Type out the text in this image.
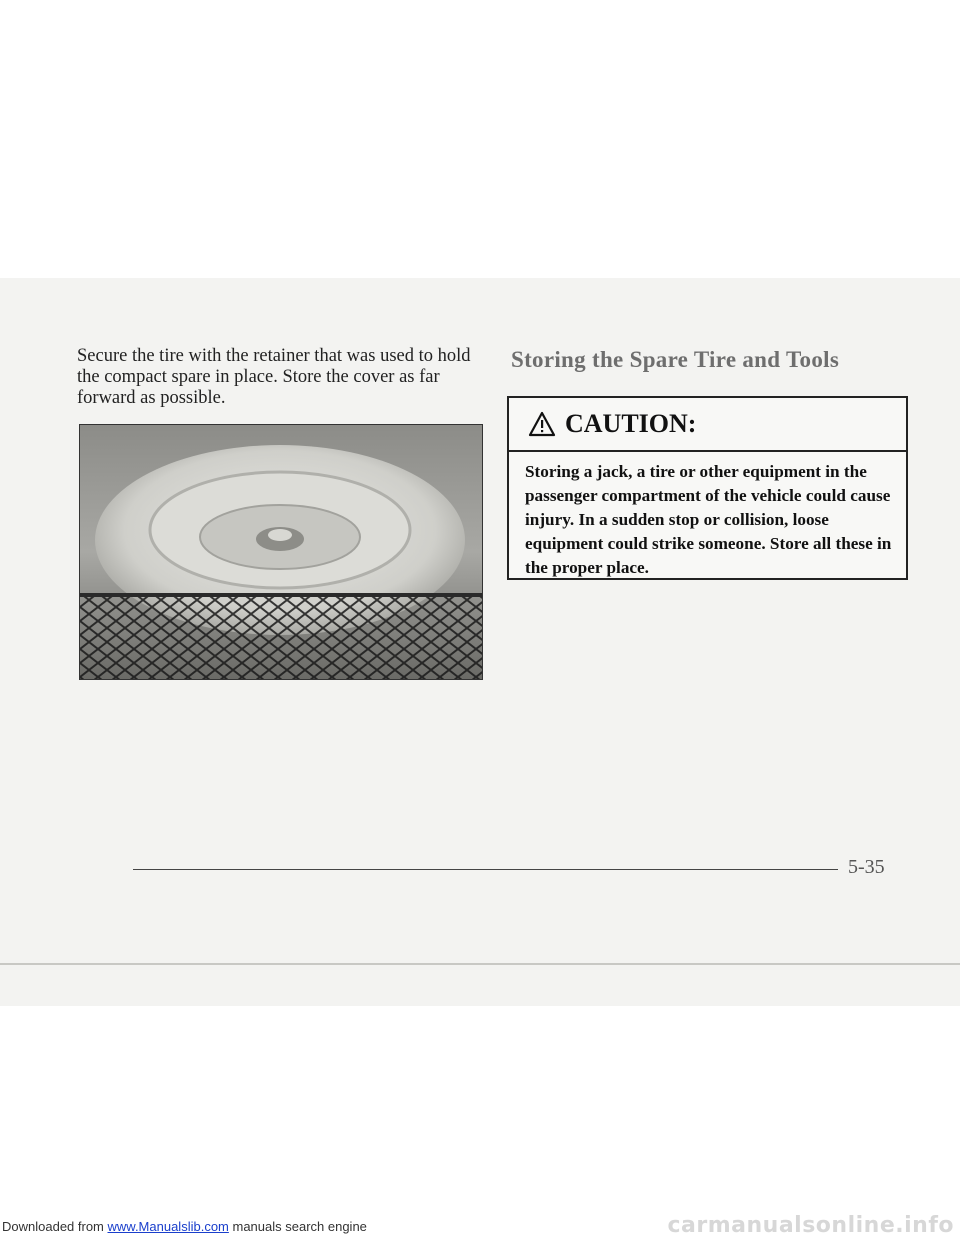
Secure the tire with the retainer that was used to hold the compact spare in place. Store the cover as far forward as possible.

Storing the Spare Tire and Tools
CAUTION:

Storing a jack, a tire or other equipment in the passenger compartment of the vehicle could cause injury. In a sudden stop or collision, loose equipment could strike someone. Store all these in the proper place.

5-35
Downloaded from www.Manualslib.com manuals search engine	carmanualsonline.info
